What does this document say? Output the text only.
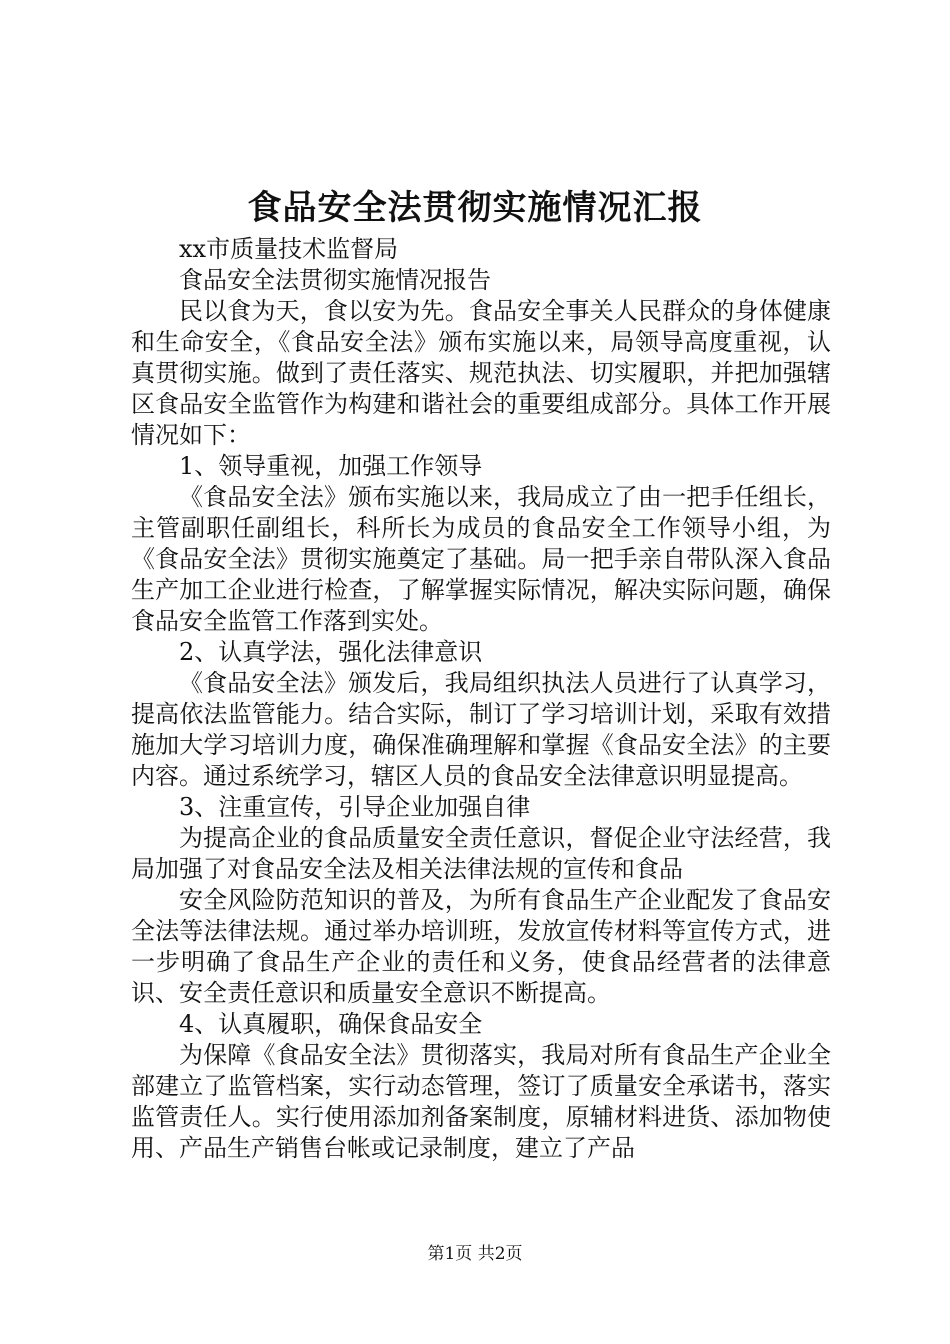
食品安全法贯彻实施情况汇报

xx市质量技术监督局

食品安全法贯彻实施情况报告

民以食为天，食以安为先。食品安全事关人民群众的身体健康和生命安全，《食品安全法》颁布实施以来，局领导高度重视，认真贯彻实施。做到了责任落实、规范执法、切实履职，并把加强辖区食品安全监管作为构建和谐社会的重要组成部分。具体工作开展情况如下：

1、领导重视，加强工作领导

《食品安全法》颁布实施以来，我局成立了由一把手任组长，主管副职任副组长，科所长为成员的食品安全工作领导小组，为《食品安全法》贯彻实施奠定了基础。局一把手亲自带队深入食品生产加工企业进行检查，了解掌握实际情况，解决实际问题，确保食品安全监管工作落到实处。

2、认真学法，强化法律意识

《食品安全法》颁发后，我局组织执法人员进行了认真学习，提高依法监管能力。结合实际，制订了学习培训计划，采取有效措施加大学习培训力度，确保准确理解和掌握《食品安全法》的主要内容。通过系统学习，辖区人员的食品安全法律意识明显提高。

3、注重宣传，引导企业加强自律

为提高企业的食品质量安全责任意识，督促企业守法经营，我局加强了对食品安全法及相关法律法规的宣传和食品

安全风险防范知识的普及，为所有食品生产企业配发了食品安全法等法律法规。通过举办培训班，发放宣传材料等宣传方式，进一步明确了食品生产企业的责任和义务，使食品经营者的法律意识、安全责任意识和质量安全意识不断提高。

4、认真履职，确保食品安全

为保障《食品安全法》贯彻落实，我局对所有食品生产企业全部建立了监管档案，实行动态管理，签订了质量安全承诺书，落实监管责任人。实行使用添加剂备案制度，原辅材料进货、添加物使用、产品生产销售台帐或记录制度，建立了产品

第1页 共2页
